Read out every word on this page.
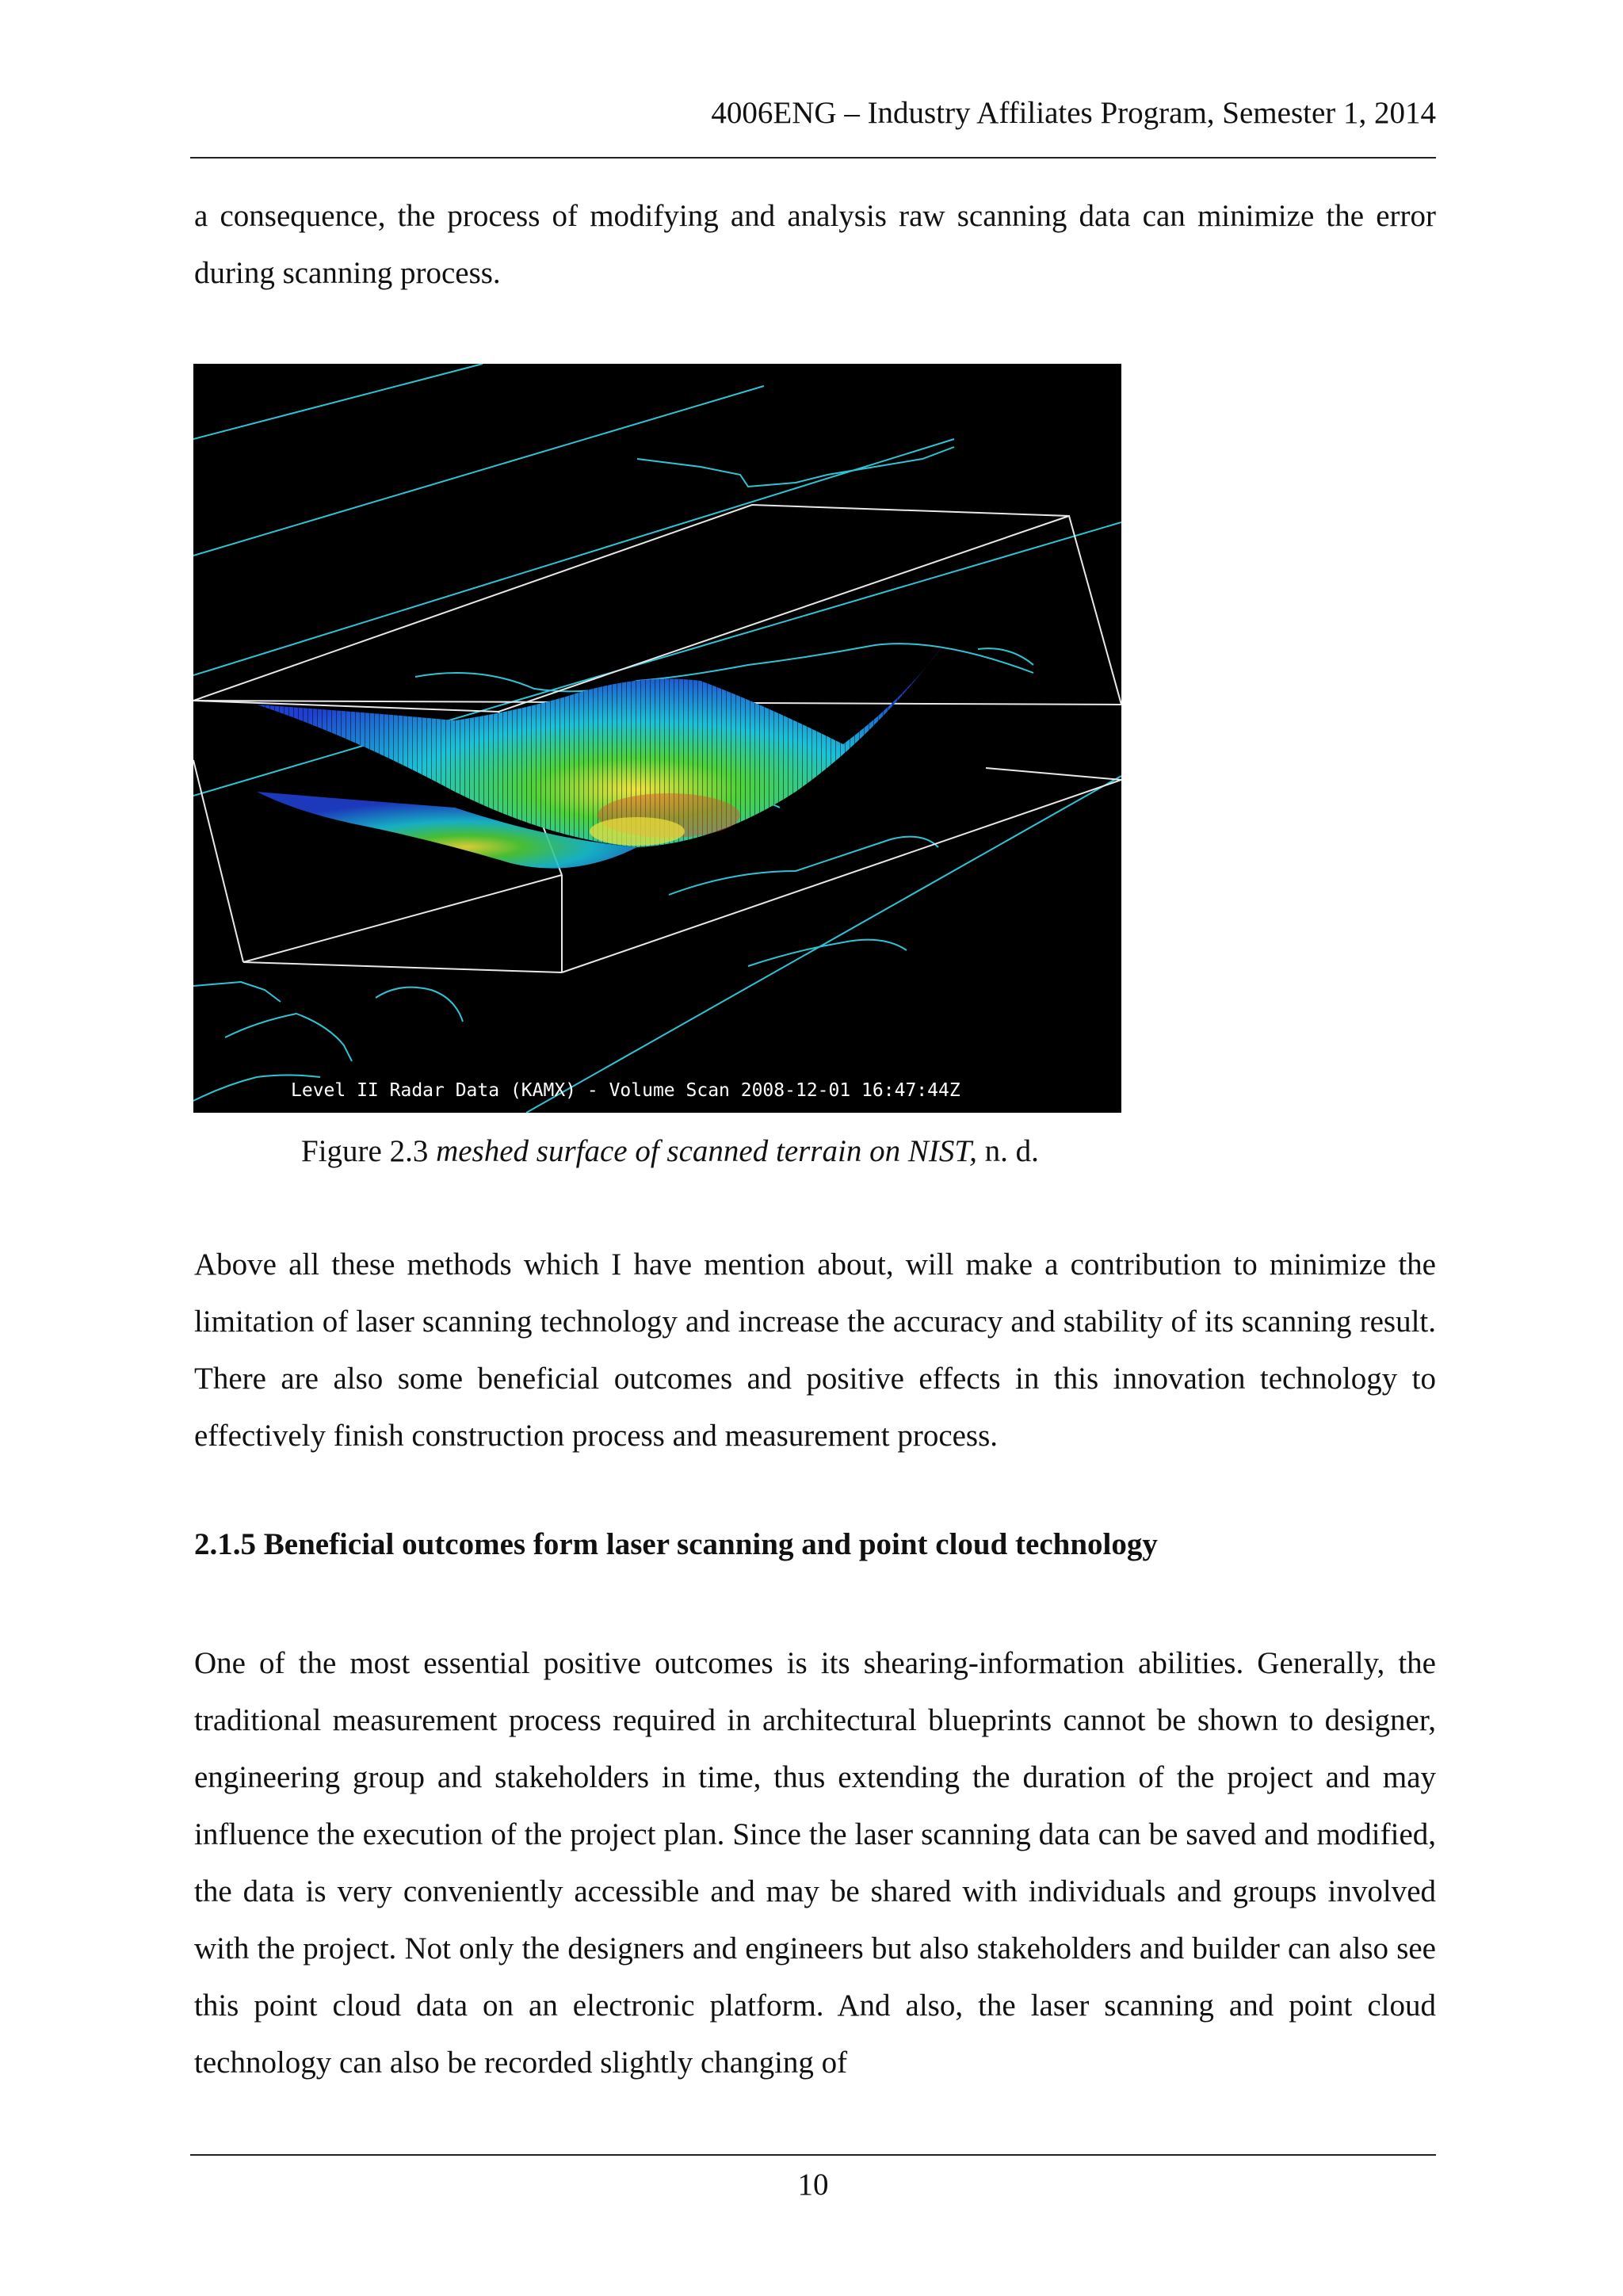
4006ENG – Industry Affiliates Program, Semester 1, 2014

a consequence, the process of modifying and analysis raw scanning data can minimize the error during scanning process.

Level II Radar Data (KAMX) - Volume Scan 2008-12-01 16:47:44Z

Figure 2.3 meshed surface of scanned terrain on NIST, n. d.

Above all these methods which I have mention about, will make a contribution to minimize the limitation of laser scanning technology and increase the accuracy and stability of its scanning result. There are also some beneficial outcomes and positive effects in this innovation technology to effectively finish construction process and measurement process.

2.1.5 Beneficial outcomes form laser scanning and point cloud technology

One of the most essential positive outcomes is its shearing-information abilities. Generally, the traditional measurement process required in architectural blueprints cannot be shown to designer, engineering group and stakeholders in time, thus extending the duration of the project and may influence the execution of the project plan. Since the laser scanning data can be saved and modified, the data is very conveniently accessible and may be shared with individuals and groups involved with the project. Not only the designers and engineers but also stakeholders and builder can also see this point cloud data on an electronic platform. And also, the laser scanning and point cloud technology can also be recorded slightly changing of

10
